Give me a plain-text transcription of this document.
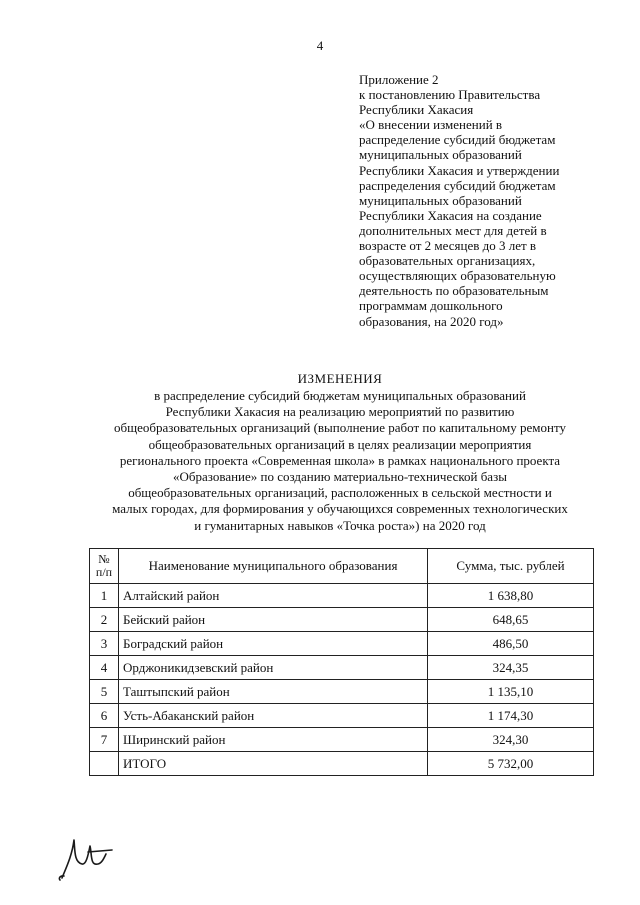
4
Приложение 2
к постановлению Правительства
Республики Хакасия
«О внесении изменений в
распределение субсидий бюджетам
муниципальных образований
Республики Хакасия и утверждении
распределения субсидий бюджетам
муниципальных образований
Республики Хакасия на создание
дополнительных мест для детей в
возрасте от 2 месяцев до 3 лет в
образовательных организациях,
осуществляющих образовательную
деятельность по образовательным
программам дошкольного
образования, на 2020 год»
ИЗМЕНЕНИЯ
в распределение субсидий бюджетам муниципальных образований
Республики Хакасия на реализацию мероприятий по развитию
общеобразовательных организаций (выполнение работ по капитальному ремонту
общеобразовательных организаций в целях реализации мероприятия
регионального проекта «Современная школа» в рамках национального проекта
«Образование» по созданию материально-технической базы
общеобразовательных организаций, расположенных в сельской местности и
малых городах, для формирования у обучающихся современных технологических
и гуманитарных навыков «Точка роста») на 2020 год
№
п/п	Наименование муниципального образования	Сумма, тыс. рублей
1	Алтайский район	1 638,80
2	Бейский район	648,65
3	Боградский район	486,50
4	Орджоникидзевский район	324,35
5	Таштыпский район	1 135,10
6	Усть-Абаканский район	1 174,30
7	Ширинский район	324,30
	ИТОГО	5 732,00
